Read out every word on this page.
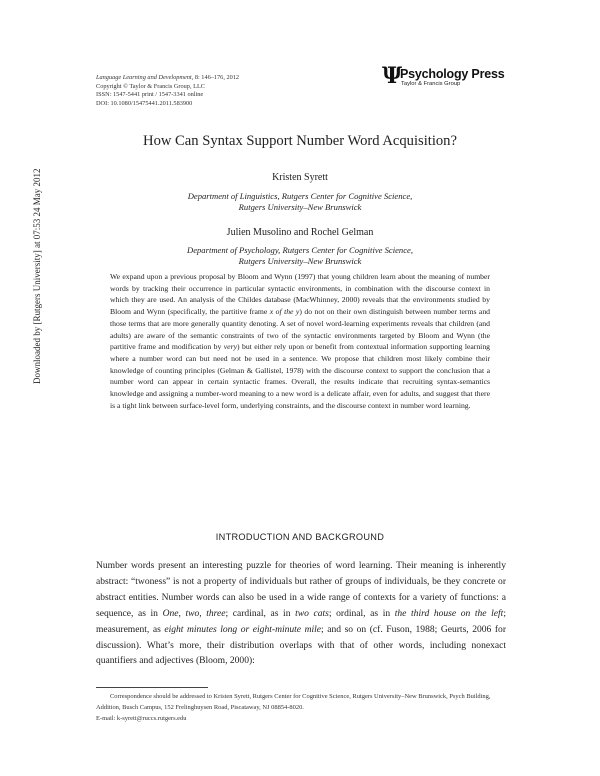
Language Learning and Development, 8: 146–176, 2012
Copyright © Taylor & Francis Group, LLC
ISSN: 1547-5441 print / 1547-3341 online
DOI: 10.1080/15475441.2011.583900
Ψ
Psychology Press
Taylor & Francis Group
How Can Syntax Support Number Word Acquisition?
Kristen Syrett
Department of Linguistics, Rutgers Center for Cognitive Science,
Rutgers University–New Brunswick
Julien Musolino and Rochel Gelman
Department of Psychology, Rutgers Center for Cognitive Science,
Rutgers University–New Brunswick
Downloaded by [Rutgers University] at 07:53 24 May 2012	We expand upon a previous proposal by Bloom and Wynn (1997) that young children learn about the meaning of number words by tracking their occurrence in particular syntactic environments, in combination with the discourse context in which they are used. An analysis of the Childes database (MacWhinney, 2000) reveals that the environments studied by Bloom and Wynn (specifically, the partitive frame x of the y) do not on their own distinguish between number terms and those terms that are more generally quantity denoting. A set of novel word-learning experiments reveals that children (and adults) are aware of the semantic constraints of two of the syntactic environments targeted by Bloom and Wynn (the partitive frame and modification by very) but either rely upon or benefit from contextual information supporting learning where a number word can but need not be used in a sentence. We propose that children most likely combine their knowledge of counting principles (Gelman & Gallistel, 1978) with the discourse context to support the conclusion that a number word can appear in certain syntactic frames. Overall, the results indicate that recruiting syntax-semantics knowledge and assigning a number-word meaning to a new word is a delicate affair, even for adults, and suggest that there is a tight link between surface-level form, underlying constraints, and the discourse context in number word learning.
INTRODUCTION AND BACKGROUND
Number words present an interesting puzzle for theories of word learning. Their meaning is inherently abstract: “twoness” is not a property of individuals but rather of groups of individuals, be they concrete or abstract entities. Number words can also be used in a wide range of contexts for a variety of functions: a sequence, as in One, two, three; cardinal, as in two cats; ordinal, as in the third house on the left; measurement, as eight minutes long or eight-minute mile; and so on (cf. Fuson, 1988; Geurts, 2006 for discussion). What’s more, their distribution overlaps with that of other words, including nonexact quantifiers and adjectives (Bloom, 2000):
Correspondence should be addressed to Kristen Syrett, Rutgers Center for Cognitive Science, Rutgers University–New Brunswick, Psych Building, Addition, Busch Campus, 152 Frelinghuysen Road, Piscataway, NJ 08854-8020.
E-mail: k-syrett@ruccs.rutgers.edu
